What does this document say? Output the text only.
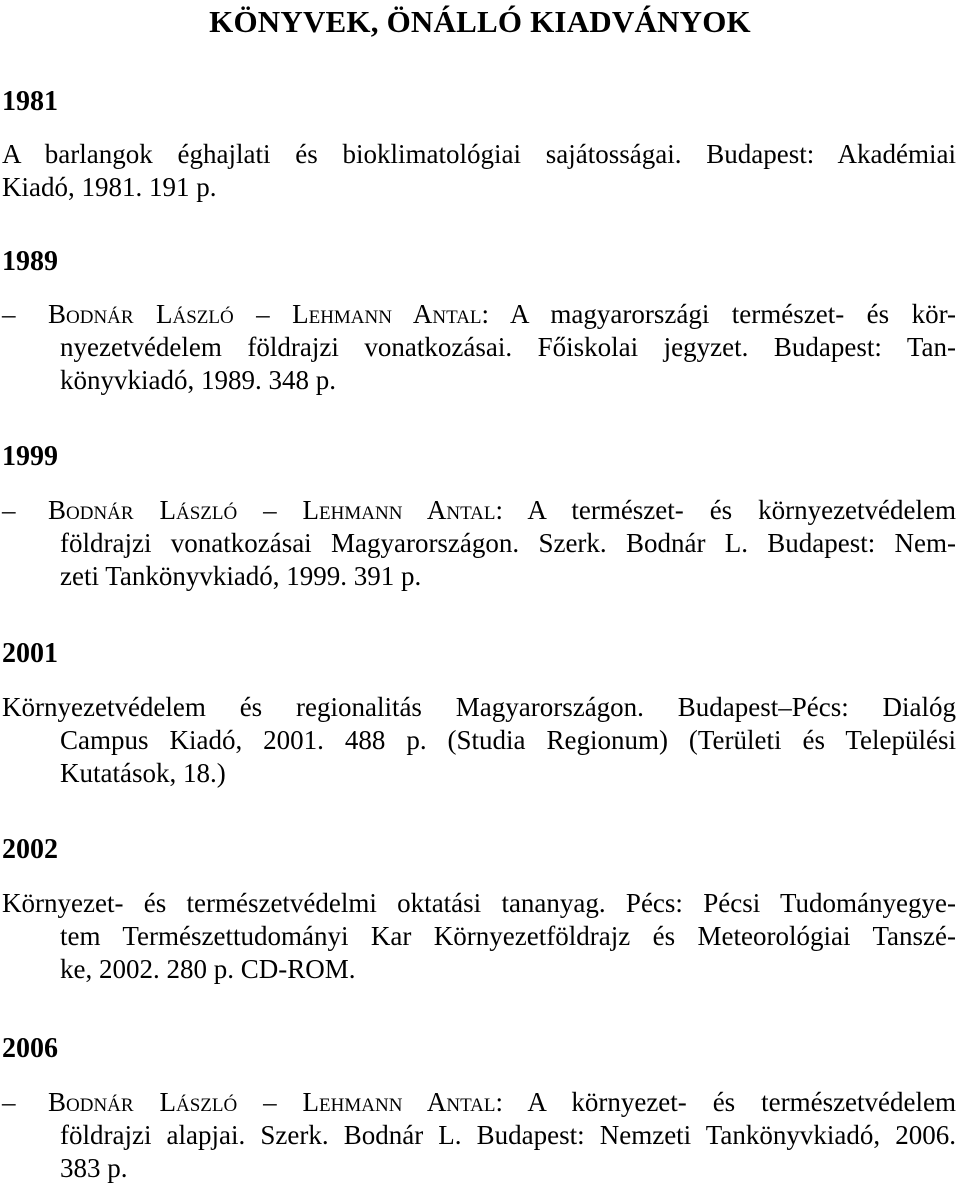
KÖNYVEK, ÖNÁLLÓ KIADVÁNYOK
1981
A barlangok éghajlati és bioklimatológiai sajátosságai. Budapest: Akadémiai
Kiadó, 1981. 191 p.
1989
– Bodnár László – Lehmann Antal: A magyarországi természet- és kör-
nyezetvédelem földrajzi vonatkozásai. Főiskolai jegyzet. Budapest: Tan-
könyvkiadó, 1989. 348 p.
1999
– Bodnár László – Lehmann Antal: A természet- és környezetvédelem
földrajzi vonatkozásai Magyarországon. Szerk. Bodnár L. Budapest: Nem-
zeti Tankönyvkiadó, 1999. 391 p.
2001
Környezetvédelem és regionalitás Magyarországon. Budapest–Pécs: Dialóg
Campus Kiadó, 2001. 488 p. (Studia Regionum) (Területi és Települési
Kutatások, 18.)
2002
Környezet- és természetvédelmi oktatási tananyag. Pécs: Pécsi Tudományegye-
tem Természettudományi Kar Környezetföldrajz és Meteorológiai Tanszé-
ke, 2002. 280 p. CD-ROM.
2006
– Bodnár László – Lehmann Antal: A környezet- és természetvédelem
földrajzi alapjai. Szerk. Bodnár L. Budapest: Nemzeti Tankönyvkiadó, 2006.
383 p.
